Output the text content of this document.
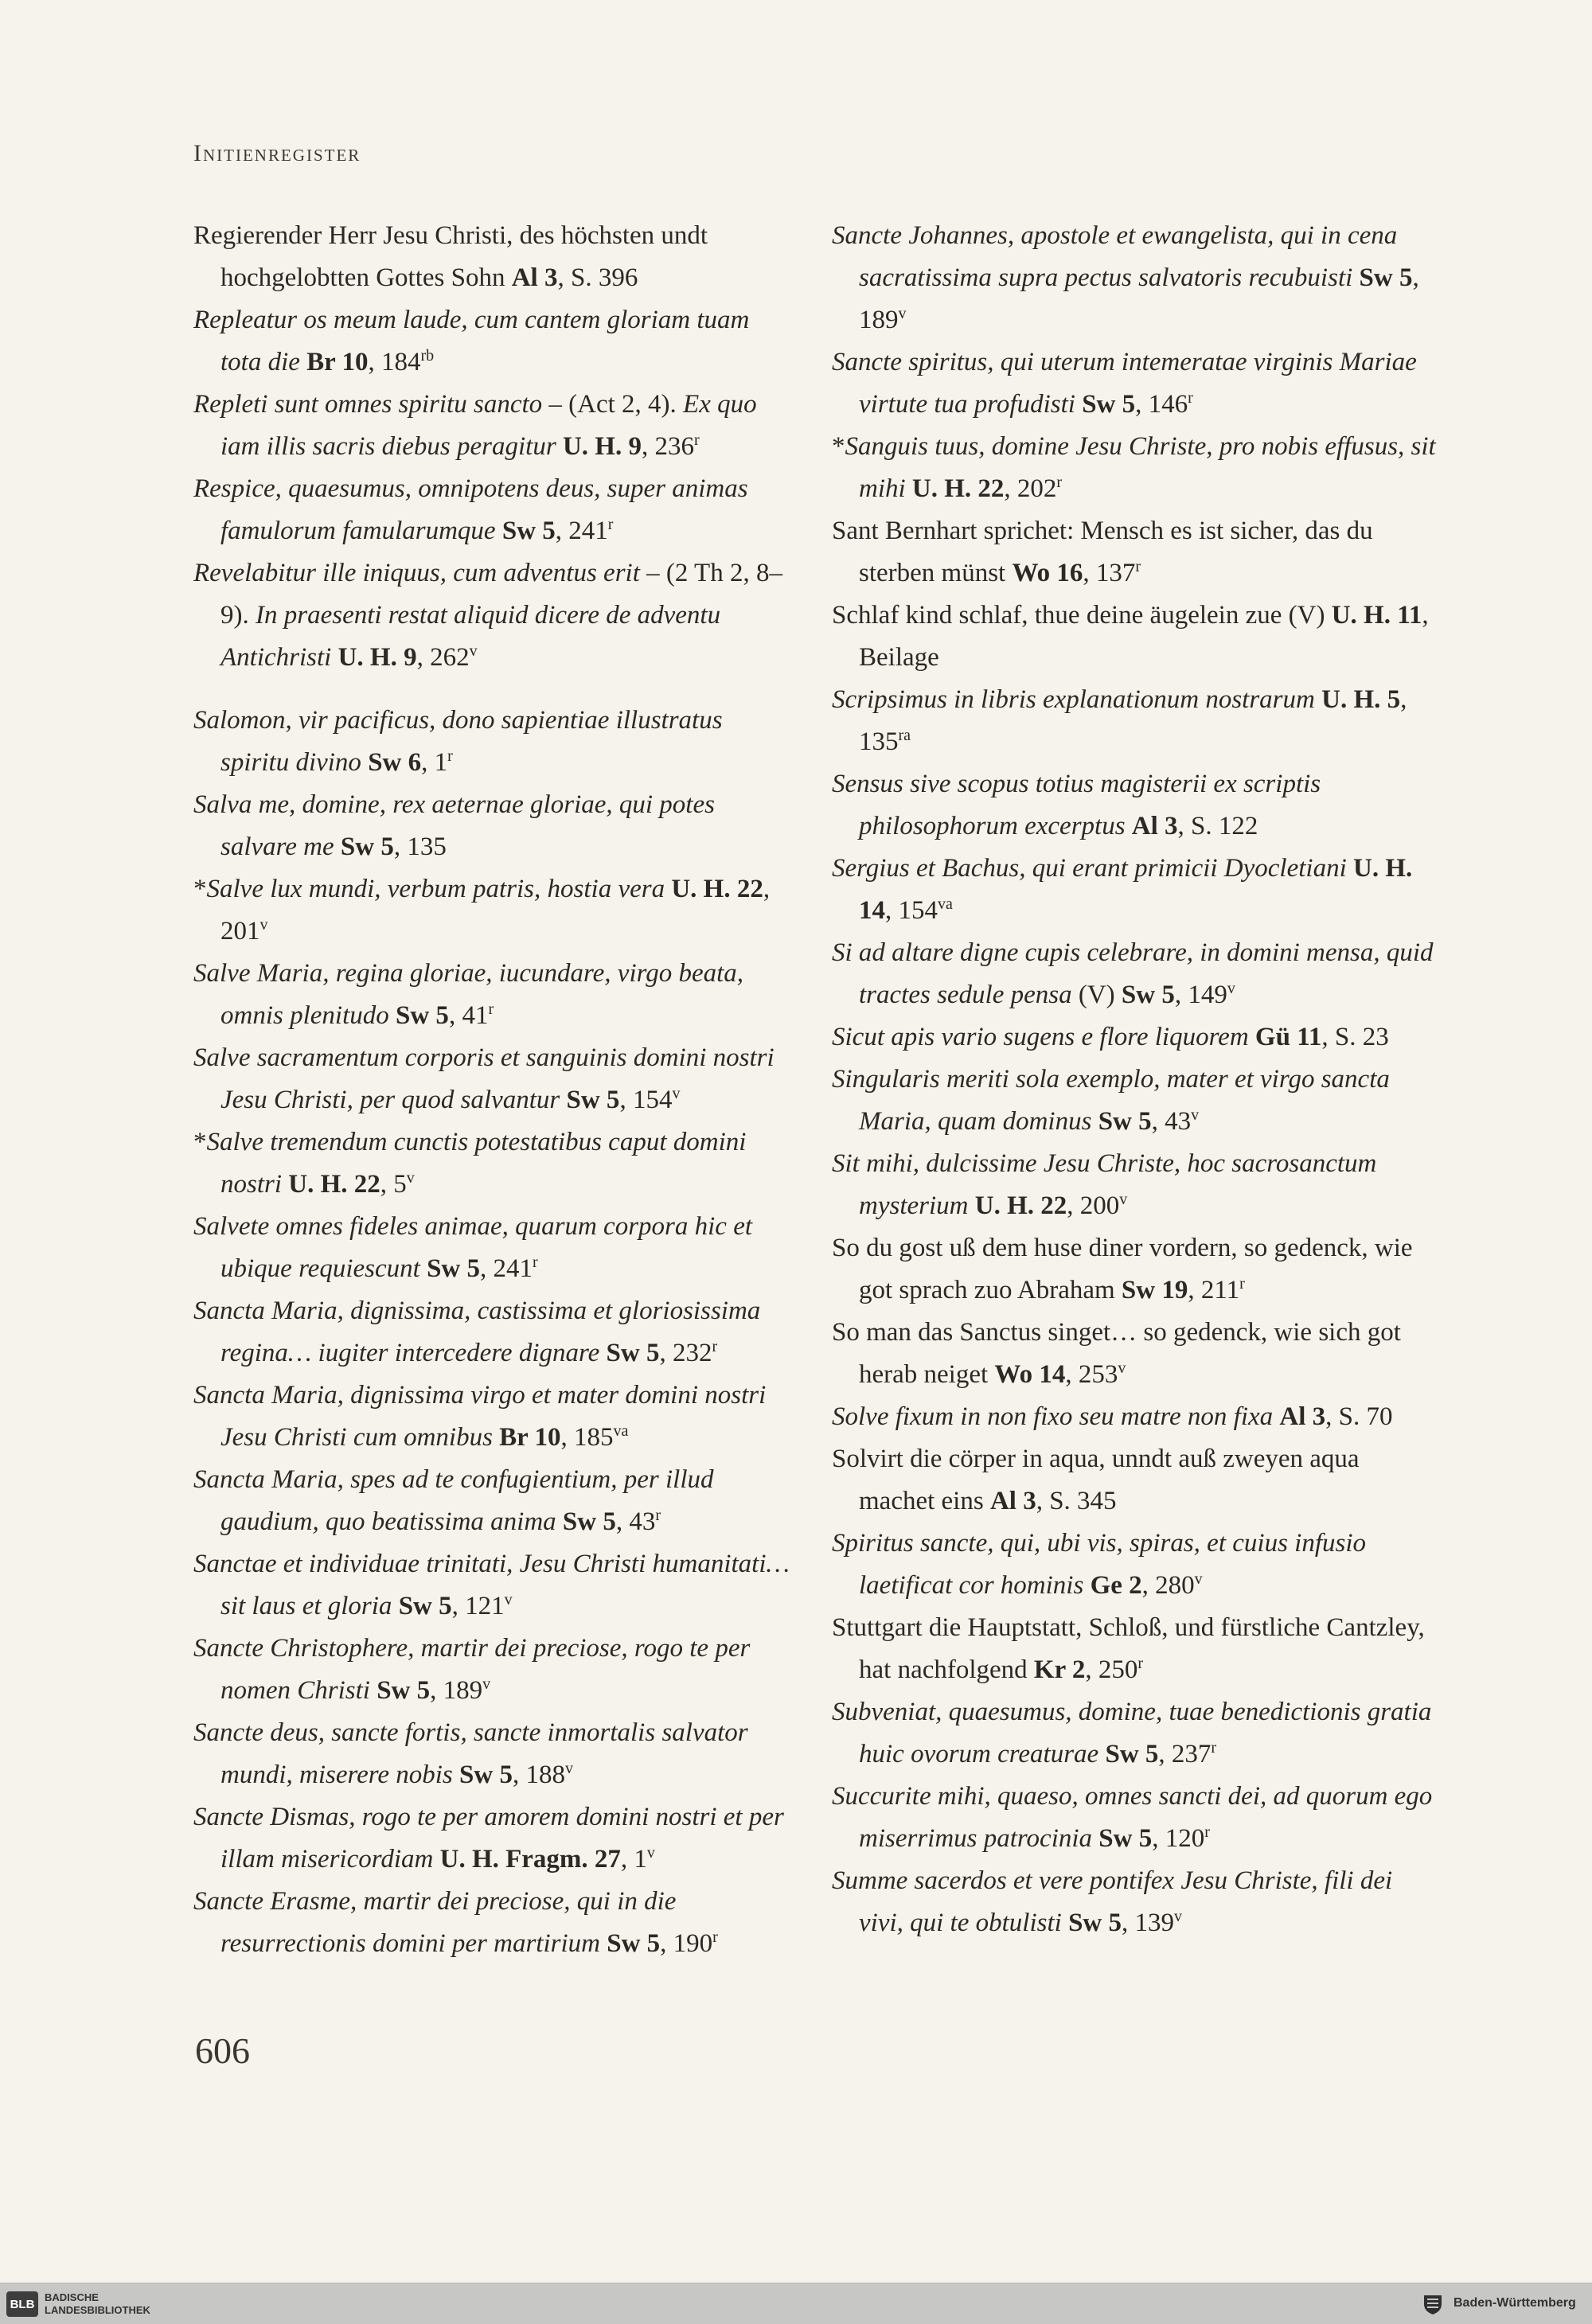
Initienregister

Regierender Herr Jesu Christi, des höchsten undt hochgelobtten Gottes Sohn Al 3, S. 396

Repleatur os meum laude, cum cantem gloriam tuam tota die Br 10, $184^{rb}$

Repleti sunt omnes spiritu sancto – (Act 2, 4). Ex quo iam illis sacris diebus peragitur U. H. 9, 236$^r$

Respice, quaesumus, omnipotens deus, super animas famulorum famularumque Sw 5, 241$^r$

Revelabitur ille iniquus, cum adventus erit – (2 Th 2, 8–9). In praesenti restat aliquid dicere de adventu Antichristi U. H. 9, 262$^v$

Salomon, vir pacificus, dono sapientiae illustratus spiritu divino Sw 6, 1$^r$

Salva me, domine, rex aeternae gloriae, qui potes salvare me Sw 5, 135

*Salve lux mundi, verbum patris, hostia vera U. H. 22, 201$^v$

Salve Maria, regina gloriae, iucundare, virgo beata, omnis plenitudo Sw 5, 41$^r$

Salve sacramentum corporis et sanguinis domini nostri Jesu Christi, per quod salvantur Sw 5, 154$^v$

*Salve tremendum cunctis potestatibus caput domini nostri U. H. 22, 5$^v$

Salvete omnes fideles animae, quarum corpora hic et ubique requiescunt Sw 5, 241$^r$

Sancta Maria, dignissima, castissima et gloriosissima regina… iugiter intercedere dignare Sw 5, 232$^r$

Sancta Maria, dignissima virgo et mater domini nostri Jesu Christi cum omnibus Br 10, $185^{va}$

Sancta Maria, spes ad te confugientium, per illud gaudium, quo beatissima anima Sw 5, 43$^r$

Sanctae et individuae trinitati, Jesu Christi humanitati… sit laus et gloria Sw 5, 121$^v$

Sancte Christophere, martir dei preciose, rogo te per nomen Christi Sw 5, 189$^v$

Sancte deus, sancte fortis, sancte inmortalis salvator mundi, miserere nobis Sw 5, 188$^v$

Sancte Dismas, rogo te per amorem domini nostri et per illam misericordiam U. H. Fragm. 27, 1$^v$

Sancte Erasme, martir dei preciose, qui in die resurrectionis domini per martirium Sw 5, 190$^r$

Sancte Johannes, apostole et ewangelista, qui in cena sacratissima supra pectus salvatoris recubuisti Sw 5, 189$^v$

Sancte spiritus, qui uterum intemeratae virginis Mariae virtute tua profudisti Sw 5, 146$^r$

*Sanguis tuus, domine Jesu Christe, pro nobis effusus, sit mihi U. H. 22, 202$^r$

Sant Bernhart sprichet: Mensch es ist sicher, das du sterben münst Wo 16, 137$^r$

Schlaf kind schlaf, thue deine äugelein zue (V) U. H. 11, Beilage

Scripsimus in libris explanationum nostrarum U. H. 5, $135^{ra}$

Sensus sive scopus totius magisterii ex scriptis philosophorum excerptus Al 3, S. 122

Sergius et Bachus, qui erant primicii Dyocletiani U. H. 14, $154^{va}$

Si ad altare digne cupis celebrare, in domini mensa, quid tractes sedule pensa (V) Sw 5, 149$^v$

Sicut apis vario sugens e flore liquorem Gü 11, S. 23

Singularis meriti sola exemplo, mater et virgo sancta Maria, quam dominus Sw 5, 43$^v$

Sit mihi, dulcissime Jesu Christe, hoc sacrosanctum mysterium U. H. 22, 200$^v$

So du gost uß dem huse diner vordern, so gedenck, wie got sprach zuo Abraham Sw 19, 211$^r$

So man das Sanctus singet… so gedenck, wie sich got herab neiget Wo 14, 253$^v$

Solve fixum in non fixo seu matre non fixa Al 3, S. 70

Solvirt die cörper in aqua, unndt auß zweyen aqua machet eins Al 3, S. 345

Spiritus sancte, qui, ubi vis, spiras, et cuius infusio laetificat cor hominis Ge 2, 280$^v$

Stuttgart die Hauptstatt, Schloß, und fürstliche Cantzley, hat nachfolgend Kr 2, 250$^r$

Subveniat, quaesumus, domine, tuae benedictionis gratia huic ovorum creaturae Sw 5, 237$^r$

Succurite mihi, quaeso, omnes sancti dei, ad quorum ego miserrimus patrocinia Sw 5, 120$^r$

Summe sacerdos et vere pontifex Jesu Christe, fili dei vivi, qui te obtulisti Sw 5, 139$^v$

606
BLB BADISCHE
LANDESBIBLIOTHEK
Baden-Württemberg
